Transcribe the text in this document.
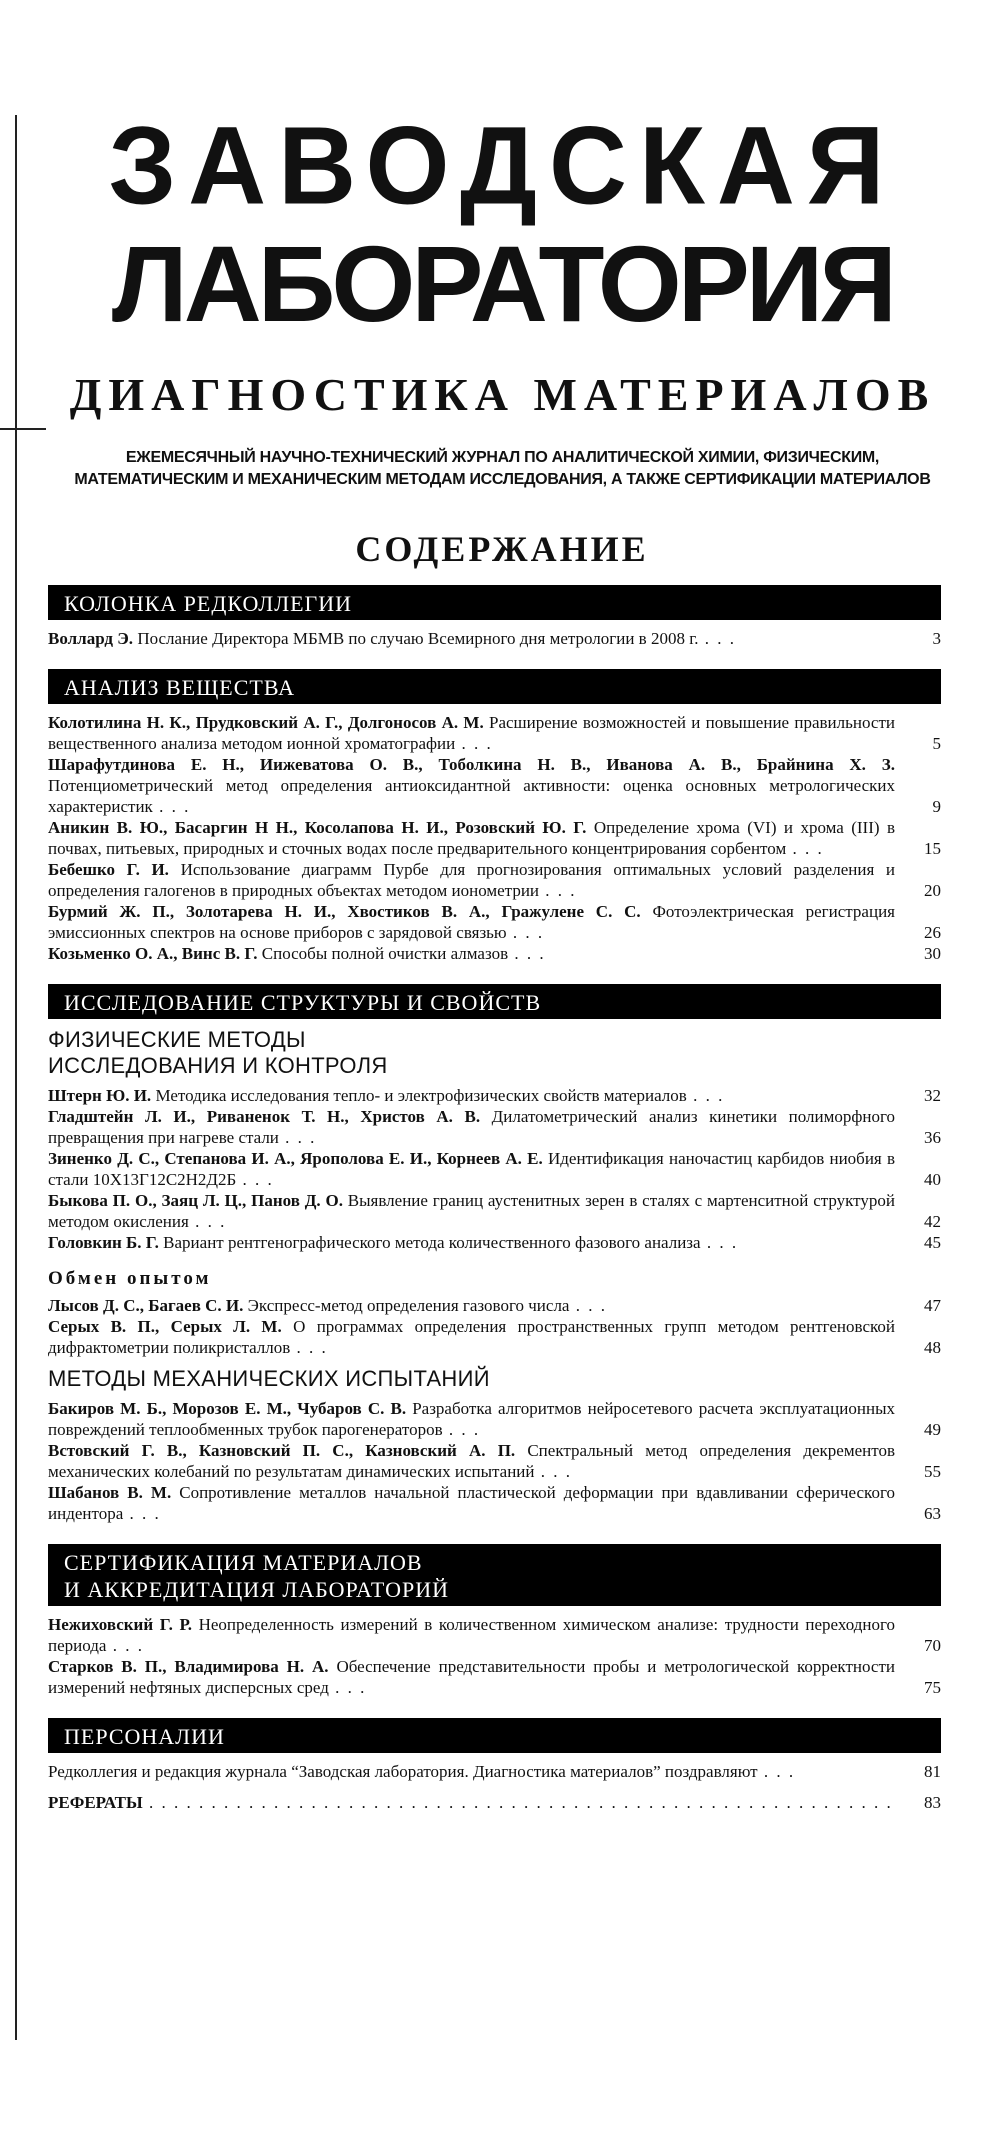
ЗАВОДСКАЯ
ЛАБОРАТОРИЯ
ДИАГНОСТИКА МАТЕРИАЛОВ
ЕЖЕМЕСЯЧНЫЙ НАУЧНО-ТЕХНИЧЕСКИЙ ЖУРНАЛ ПО АНАЛИТИЧЕСКОЙ ХИМИИ, ФИЗИЧЕСКИМ,
МАТЕМАТИЧЕСКИМ И МЕХАНИЧЕСКИМ МЕТОДАМ ИССЛЕДОВАНИЯ, А ТАКЖЕ СЕРТИФИКАЦИИ МАТЕРИАЛОВ
СОДЕРЖАНИЕ
КОЛОНКА РЕДКОЛЛЕГИИ
Воллард Э. Послание Директора МБМВ по случаю Всемирного дня метрологии в 2008 г. . . .	3
АНАЛИЗ ВЕЩЕСТВА
Колотилина Н. К., Прудковский А. Г., Долгоносов А. М. Расширение возможностей и повышение правильности вещественного анализа методом ионной хроматографии . . .	5
Шарафутдинова Е. Н., Иижеватова О. В., Тоболкина Н. В., Иванова А. В., Брайнина Х. З. Потенциометрический метод определения антиоксидантной активности: оценка основных метрологических характеристик . . .	9
Аникин В. Ю., Басаргин Н Н., Косолапова Н. И., Розовский Ю. Г. Определение хрома (VI) и хрома (III) в почвах, питьевых, природных и сточных водах после предварительного концентрирования сорбентом . . .	15
Бебешко Г. И. Использование диаграмм Пурбе для прогнозирования оптимальных условий разделения и определения галогенов в природных объектах методом ионометрии . . .	20
Бурмий Ж. П., Золотарева Н. И., Хвостиков В. А., Гражулене С. С. Фотоэлектрическая регистрация эмиссионных спектров на основе приборов с зарядовой связью . . .	26
Козьменко О. А., Винс В. Г. Способы полной очистки алмазов . . .	30
ИССЛЕДОВАНИЕ СТРУКТУРЫ И СВОЙСТВ
ФИЗИЧЕСКИЕ МЕТОДЫ
ИССЛЕДОВАНИЯ И КОНТРОЛЯ
Штерн Ю. И. Методика исследования тепло- и электрофизических свойств материалов . . .	32
Гладштейн Л. И., Риваненок Т. Н., Христов А. В. Дилатометрический анализ кинетики полиморфного превращения при нагреве стали . . .	36
Зиненко Д. С., Степанова И. А., Ярополова Е. И., Корнеев А. Е. Идентификация наночастиц карбидов ниобия в стали 10Х13Г12С2Н2Д2Б . . .	40
Быкова П. О., Заяц Л. Ц., Панов Д. О. Выявление границ аустенитных зерен в сталях с мартенситной структурой методом окисления . . .	42
Головкин Б. Г. Вариант рентгенографического метода количественного фазового анализа . . .	45
Обмен опытом
Лысов Д. С., Багаев С. И. Экспресс-метод определения газового числа . . .	47
Серых В. П., Серых Л. М. О программах определения пространственных групп методом рентгеновской дифрактометрии поликристаллов . . .	48
МЕТОДЫ МЕХАНИЧЕСКИХ ИСПЫТАНИЙ
Бакиров М. Б., Морозов Е. М., Чубаров С. В. Разработка алгоритмов нейросетевого расчета эксплуатационных повреждений теплообменных трубок парогенераторов . . .	49
Встовский Г. В., Казновский П. С., Казновский А. П. Спектральный метод определения декрементов механических колебаний по результатам динамических испытаний . . .	55
Шабанов В. М. Сопротивление металлов начальной пластической деформации при вдавливании сферического индентора . . .	63
СЕРТИФИКАЦИЯ МАТЕРИАЛОВ
И АККРЕДИТАЦИЯ ЛАБОРАТОРИЙ
Нежиховский Г. Р. Неопределенность измерений в количественном химическом анализе: трудности переходного периода . . .	70
Старков В. П., Владимирова Н. А. Обеспечение представительности пробы и метрологической корректности измерений нефтяных дисперсных сред . . .	75
ПЕРСОНАЛИИ
Редколлегия и редакция журнала “Заводская лаборатория. Диагностика материалов” поздравляют . . .	81
РЕФЕРАТЫ . . . . . . . . . . . . . . . . . . . . . . . . . . . . . . . . . . . . . . . . . . . . . . . . . . . . . . . . . . . .	83
